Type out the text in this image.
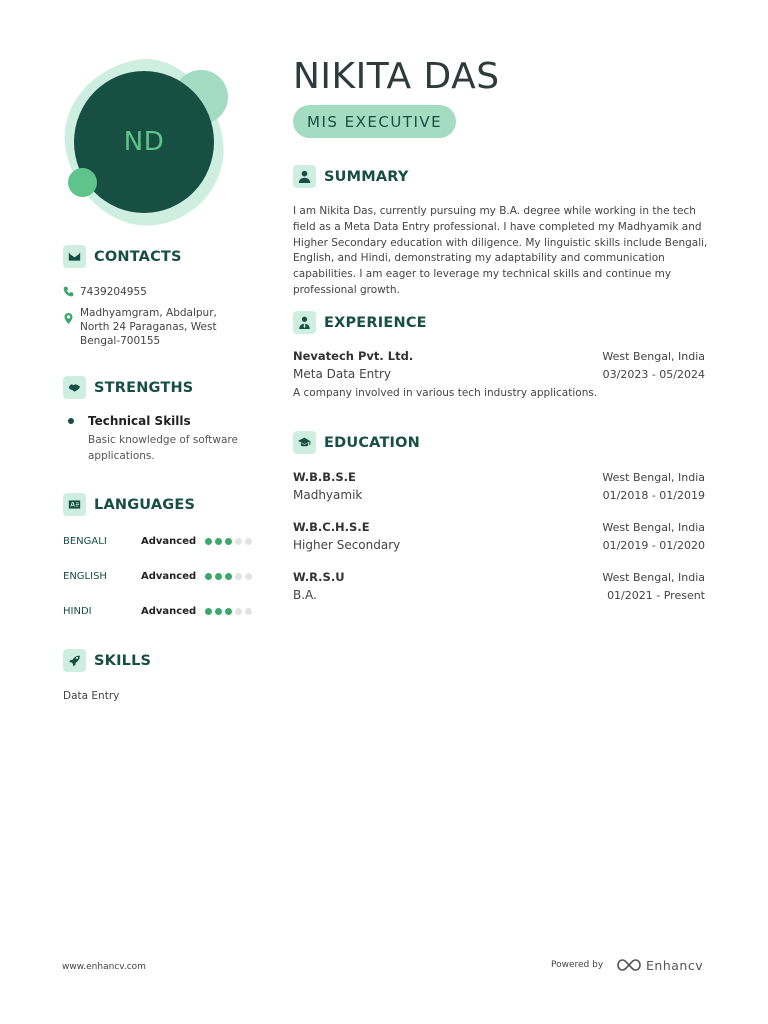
ND
NIKITA DAS
MIS EXECUTIVE
CONTACTS
7439204955
Madhyamgram, Abdalpur, North 24 Paraganas, West Bengal-700155
STRENGTHS
Technical Skills
Basic knowledge of software applications.
LANGUAGES
BENGALI	Advanced
ENGLISH	Advanced
HINDI	Advanced
SKILLS
Data Entry
SUMMARY

I am Nikita Das, currently pursuing my B.A. degree while working in the tech field as a Meta Data Entry professional. I have completed my Madhyamik and Higher Secondary education with diligence. My linguistic skills include Bengali, English, and Hindi, demonstrating my adaptability and communication capabilities. I am eager to leverage my technical skills and continue my professional growth.

EXPERIENCE
Nevatech Pvt. Ltd.	West Bengal, India
Meta Data Entry	03/2023 - 05/2024
A company involved in various tech industry applications.
EDUCATION
W.B.B.S.E	West Bengal, India
Madhyamik	01/2018 - 01/2019
W.B.C.H.S.E	West Bengal, India
Higher Secondary	01/2019 - 01/2020
W.R.S.U	West Bengal, India
B.A.	01/2021 - Present
www.enhancv.com	Powered by	Enhancv
